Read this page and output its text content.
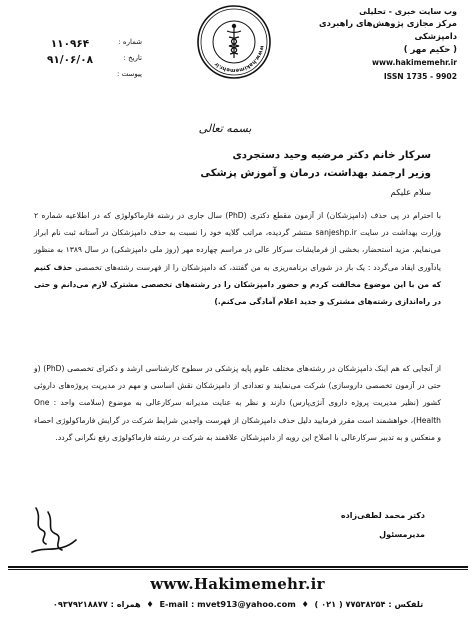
وب سایت خبری - تحلیلی
مرکز مجازی پژوهش‌های راهبردی دامپزشکی
( حکیم مهر )
www.hakimemehr.ir
ISSN 1735 - 9902
www.hakimemehr.ir
۱۱۰۹۶۴	شماره :
۹۱/۰۶/۰۸	تاریخ :
پیوست :
بسمه تعالی
سرکار خانم دکتر مرضیه وحید دستجردی
وزیر ارجمند بهداشت، درمان و آموزش پزشکی
سلام علیکم
با احترام در پی حذف (دامپزشکان) از آزمون مقطع دکتری (PhD) سال جاری در رشته فارماکولوژی که در اطلاعیه شماره ۲ وزارت بهداشت در سایت sanjeshp.ir منتشر گردیده، مراتب گلایه خود را نسبت به حذف دامپزشکان در آستانه ثبت نام ابراز می‌نمایم. مزید استحضار، بخشی از فرمایشات سرکار عالی در مراسم چهارده مهر (روز ملی دامپزشکی) در سال ۱۳۸۹ به منظور یادآوری ایفاد می‌گردد : یک بار در شورای برنامه‌ریزی به من گفتند، که دامپزشکان را از فهرست رشته‌های تخصصی حذف کنیم که من با این موضوع مخالفت کردم و حضور دامپزشکان را در رشته‌های تخصصی مشترک لازم می‌دانم و حتی در راه‌اندازی رشته‌های مشترک و جدید اعلام آمادگی می‌کنم.)
از آنجایی که هم اینک دامپزشکان در رشته‌های مختلف علوم پایه پزشکی در سطوح کارشناسی ارشد و دکترای تخصصی (PhD) (و حتی در آزمون تخصصی داروسازی) شرکت می‌نمایند و تعدادی از دامپزشکان نقش اساسی و مهم در مدیریت پروژه‌های داروئی کشور (نظیر مدیریت پروژه داروی آنژی‌پارس) دارند و نظر به عنایت مدیرانه سرکارعالی به موضوع (سلامت واحد : One Health)، خواهشمند است مقرر فرمایید دلیل حذف دامپزشکان از فهرست واجدین شرایط شرکت در گرایش فارماکولوژی احصاء و منعکس و به تدبیر سرکارعالی با اصلاح این رویه از دامپزشکان علاقمند به شرکت در رشته فارماکولوژی رفع نگرانی گردد.
دکتر محمد لطفی‌زاده
مدیرمسئول
www.Hakimemehr.ir
تلفکس : ۷۷۵۳۸۲۵۴ ( ۰۲۱ )  ♦  E-mail : mvet913@yahoo.com  ♦  همراه : ۰۹۳۷۹۲۱۸۸۷۷
